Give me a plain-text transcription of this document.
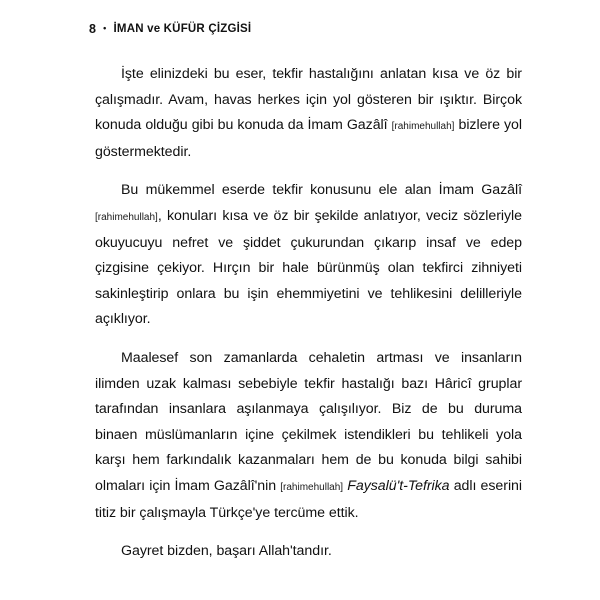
8 • İMAN ve KÜFÜR ÇİZGİSİ

İşte elinizdeki bu eser, tekfir hastalığını anlatan kısa ve öz bir çalışmadır. Avam, havas herkes için yol gösteren bir ışıktır. Birçok konuda olduğu gibi bu konuda da İmam Gazâlî [rahimehullah] bizlere yol göstermektedir.

Bu mükemmel eserde tekfir konusunu ele alan İmam Gazâlî [rahimehullah], konuları kısa ve öz bir şekilde anlatıyor, veciz sözleriyle okuyucuyu nefret ve şiddet çukurundan çıkarıp insaf ve edep çizgisine çekiyor. Hırçın bir hale bürünmüş olan tekfirci zihniyeti sakinleştirip onlara bu işin ehemmiyetini ve tehlikesini delilleriyle açıklıyor.

Maalesef son zamanlarda cehaletin artması ve insanların ilimden uzak kalması sebebiyle tekfir hastalığı bazı Hâricî gruplar tarafından insanlara aşılanmaya çalışılıyor. Biz de bu duruma binaen müslümanların içine çekilmek istendikleri bu tehlikeli yola karşı hem farkındalık kazanmaları hem de bu konuda bilgi sahibi olmaları için İmam Gazâlî'nin [rahimehullah] Faysalü't-Tefrika adlı eserini titiz bir çalışmayla Türkçe'ye tercüme ettik.

Gayret bizden, başarı Allah'tandır.
